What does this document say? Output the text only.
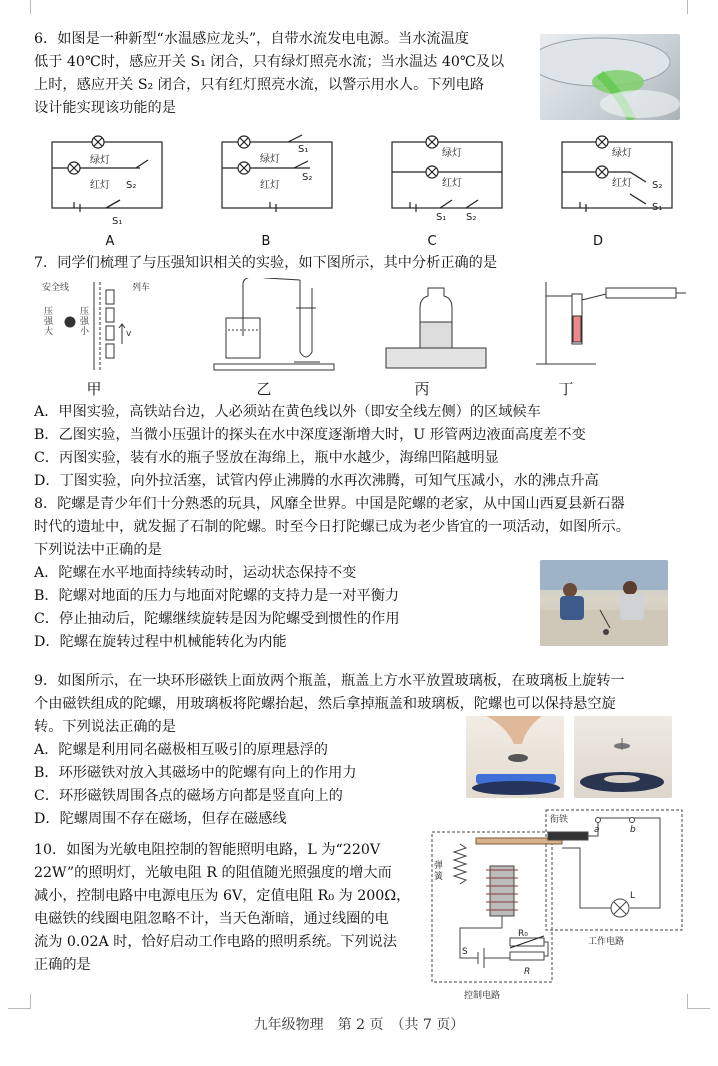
6．如图是一种新型“水温感应龙头”，自带水流发电电源。当水流温度
低于 40℃时，感应开关 S₁ 闭合，只有绿灯照亮水流；当水温达 40℃及以
上时，感应开关 S₂ 闭合，只有红灯照亮水流，以警示用水人。下列电路
设计能实现该功能的是
绿灯
红灯 S₂
S₁
绿灯
红灯
S₁
S₂
绿灯
红灯
S₁ S₂
绿灯
红灯 S₂
S₁
A	B	C	D
7．同学们梳理了与压强知识相关的实验，如下图所示，其中分析正确的是
安全线	列车
v
压强大
压强小
甲	乙	丙	丁
A．甲图实验，高铁站台边，人必须站在黄色线以外（即安全线左侧）的区域候车
B．乙图实验，当微小压强计的探头在水中深度逐渐增大时，U 形管两边液面高度差不变
C．丙图实验，装有水的瓶子竖放在海绵上，瓶中水越少，海绵凹陷越明显
D．丁图实验，向外拉活塞，试管内停止沸腾的水再次沸腾，可知气压减小，水的沸点升高
8．陀螺是青少年们十分熟悉的玩具，风靡全世界。中国是陀螺的老家，从中国山西夏县新石器
时代的遗址中，就发掘了石制的陀螺。时至今日打陀螺已成为老少皆宜的一项活动，如图所示。
下列说法中正确的是
A．陀螺在水平地面持续转动时，运动状态保持不变
B．陀螺对地面的压力与地面对陀螺的支持力是一对平衡力
C．停止抽动后，陀螺继续旋转是因为陀螺受到惯性的作用
D．陀螺在旋转过程中机械能转化为内能
9．如图所示，在一块环形磁铁上面放两个瓶盖，瓶盖上方水平放置玻璃板，在玻璃板上旋转一
个由磁铁组成的陀螺，用玻璃板将陀螺抬起，然后拿掉瓶盖和玻璃板，陀螺也可以保持悬空旋
转。下列说法正确的是
A．陀螺是利用同名磁极相互吸引的原理悬浮的
B．环形磁铁对放入其磁场中的陀螺有向上的作用力
C．环形磁铁周围各点的磁场方向都是竖直向上的
D．陀螺周围不存在磁场，但存在磁感线
10．如图为光敏电阻控制的智能照明电路，L 为“220V
22W”的照明灯，光敏电阻 R 的阻值随光照强度的增大而
减小，控制电路中电源电压为 6V，定值电阻 R₀ 为 200Ω，
电磁铁的线圈电阻忽略不计，当天色渐暗，通过线圈的电
流为 0.02A 时，恰好启动工作电路的照明系统。下列说法
正确的是
衔铁
弹簧
a	b
L
S
R₀
R
工作电路
控制电路
九年级物理　第 2 页　（共 7 页）
